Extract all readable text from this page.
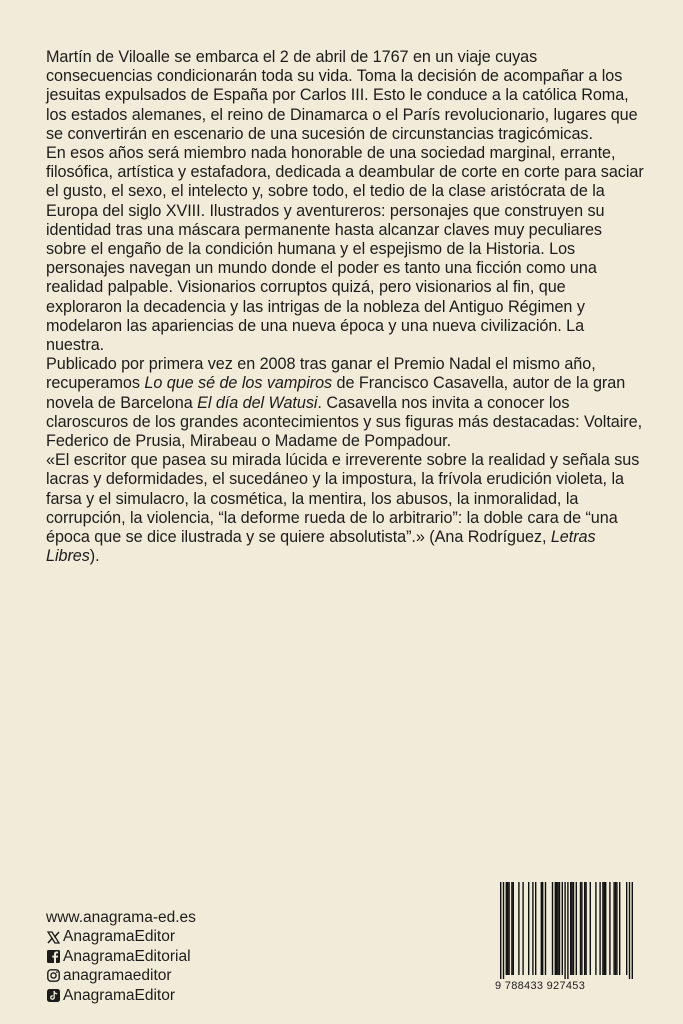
Martín de Viloalle se embarca el 2 de abril de 1767 en un viaje cuyas consecuencias condicionarán toda su vida. Toma la decisión de acompañar a los jesuitas expulsados de España por Carlos III. Esto le conduce a la católica Roma, los estados alemanes, el reino de Dinamarca o el París revolucionario, lugares que se convertirán en escenario de una sucesión de circunstancias tragicómicas.

En esos años será miembro nada honorable de una sociedad marginal, errante, filosófica, artística y estafadora, dedicada a deambular de corte en corte para saciar el gusto, el sexo, el intelecto y, sobre todo, el tedio de la clase aristócrata de la Europa del siglo XVIII. Ilustrados y aventureros: personajes que construyen su identidad tras una máscara permanente hasta alcanzar claves muy peculiares sobre el engaño de la condición humana y el espejismo de la Historia. Los personajes navegan un mundo donde el poder es tanto una ficción como una realidad palpable. Visionarios corruptos quizá, pero visionarios al fin, que exploraron la decadencia y las intrigas de la nobleza del Antiguo Régimen y modelaron las apariencias de una nueva época y una nueva civilización. La nuestra.

Publicado por primera vez en 2008 tras ganar el Premio Nadal el mismo año, recuperamos Lo que sé de los vampiros de Francisco Casavella, autor de la gran novela de Barcelona El día del Watusi. Casavella nos invita a conocer los claroscuros de los grandes acontecimientos y sus figuras más destacadas: Voltaire, Federico de Prusia, Mirabeau o Madame de Pompadour.

«El escritor que pasea su mirada lúcida e irreverente sobre la realidad y señala sus lacras y deformidades, el sucedáneo y la impostura, la frívola erudición violeta, la farsa y el simulacro, la cosmética, la mentira, los abusos, la inmoralidad, la corrupción, la violencia, “la deforme rueda de lo arbitrario”: la doble cara de “una época que se dice ilustrada y se quiere absolutista”.» (Ana Rodríguez, Letras Libres).

www.anagrama-ed.es
AnagramaEditor
AnagramaEditorial
anagramaeditor
AnagramaEditor
9 788433 927453
